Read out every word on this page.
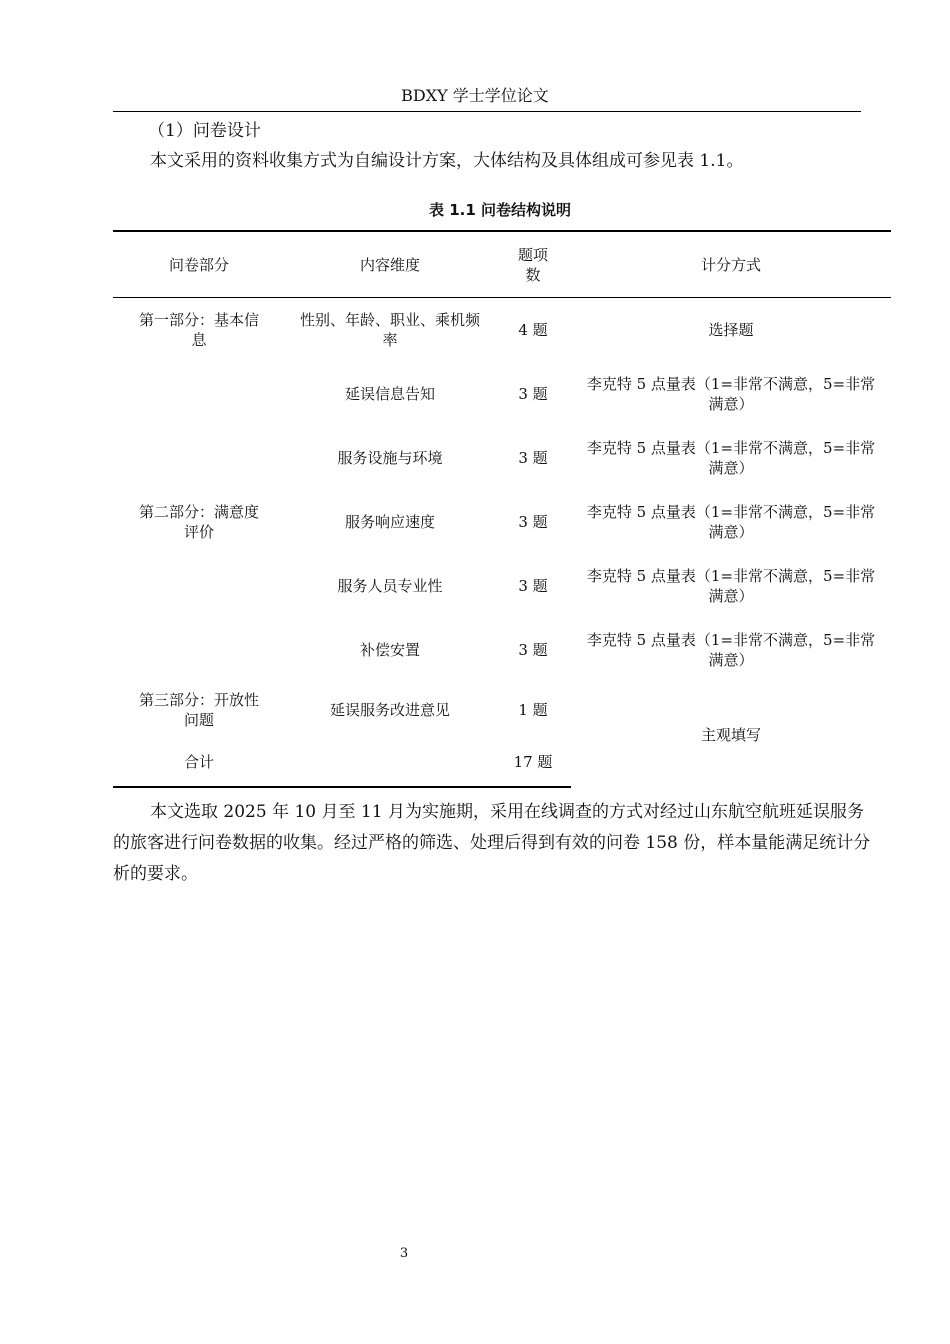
BDXY 学士学位论文
（1）问卷设计
本文采用的资料收集方式为自编设计方案，大体结构及具体组成可参见表 1.1。
表 1.1 问卷结构说明
问卷部分	内容维度	题项数	计分方式

第一部分：基本信息	性别、年龄、职业、乘机频率	4 题	选择题

第二部分：满意度评价	延误信息告知	3 题	李克特 5 点量表（1=非常不满意，5=非常满意）

	服务设施与环境	3 题	李克特 5 点量表（1=非常不满意，5=非常满意）

	服务响应速度	3 题	李克特 5 点量表（1=非常不满意，5=非常满意）

	服务人员专业性	3 题	李克特 5 点量表（1=非常不满意，5=非常满意）

	补偿安置	3 题	李克特 5 点量表（1=非常不满意，5=非常满意）

第三部分：开放性问题	延误服务改进意见	1 题	主观填写
合计		17 题	
本文选取 2025 年 10 月至 11 月为实施期，采用在线调查的方式对经过山东航空航班延误服务的旅客进行问卷数据的收集。经过严格的筛选、处理后得到有效的问卷 158 份，样本量能满足统计分析的要求。
3
